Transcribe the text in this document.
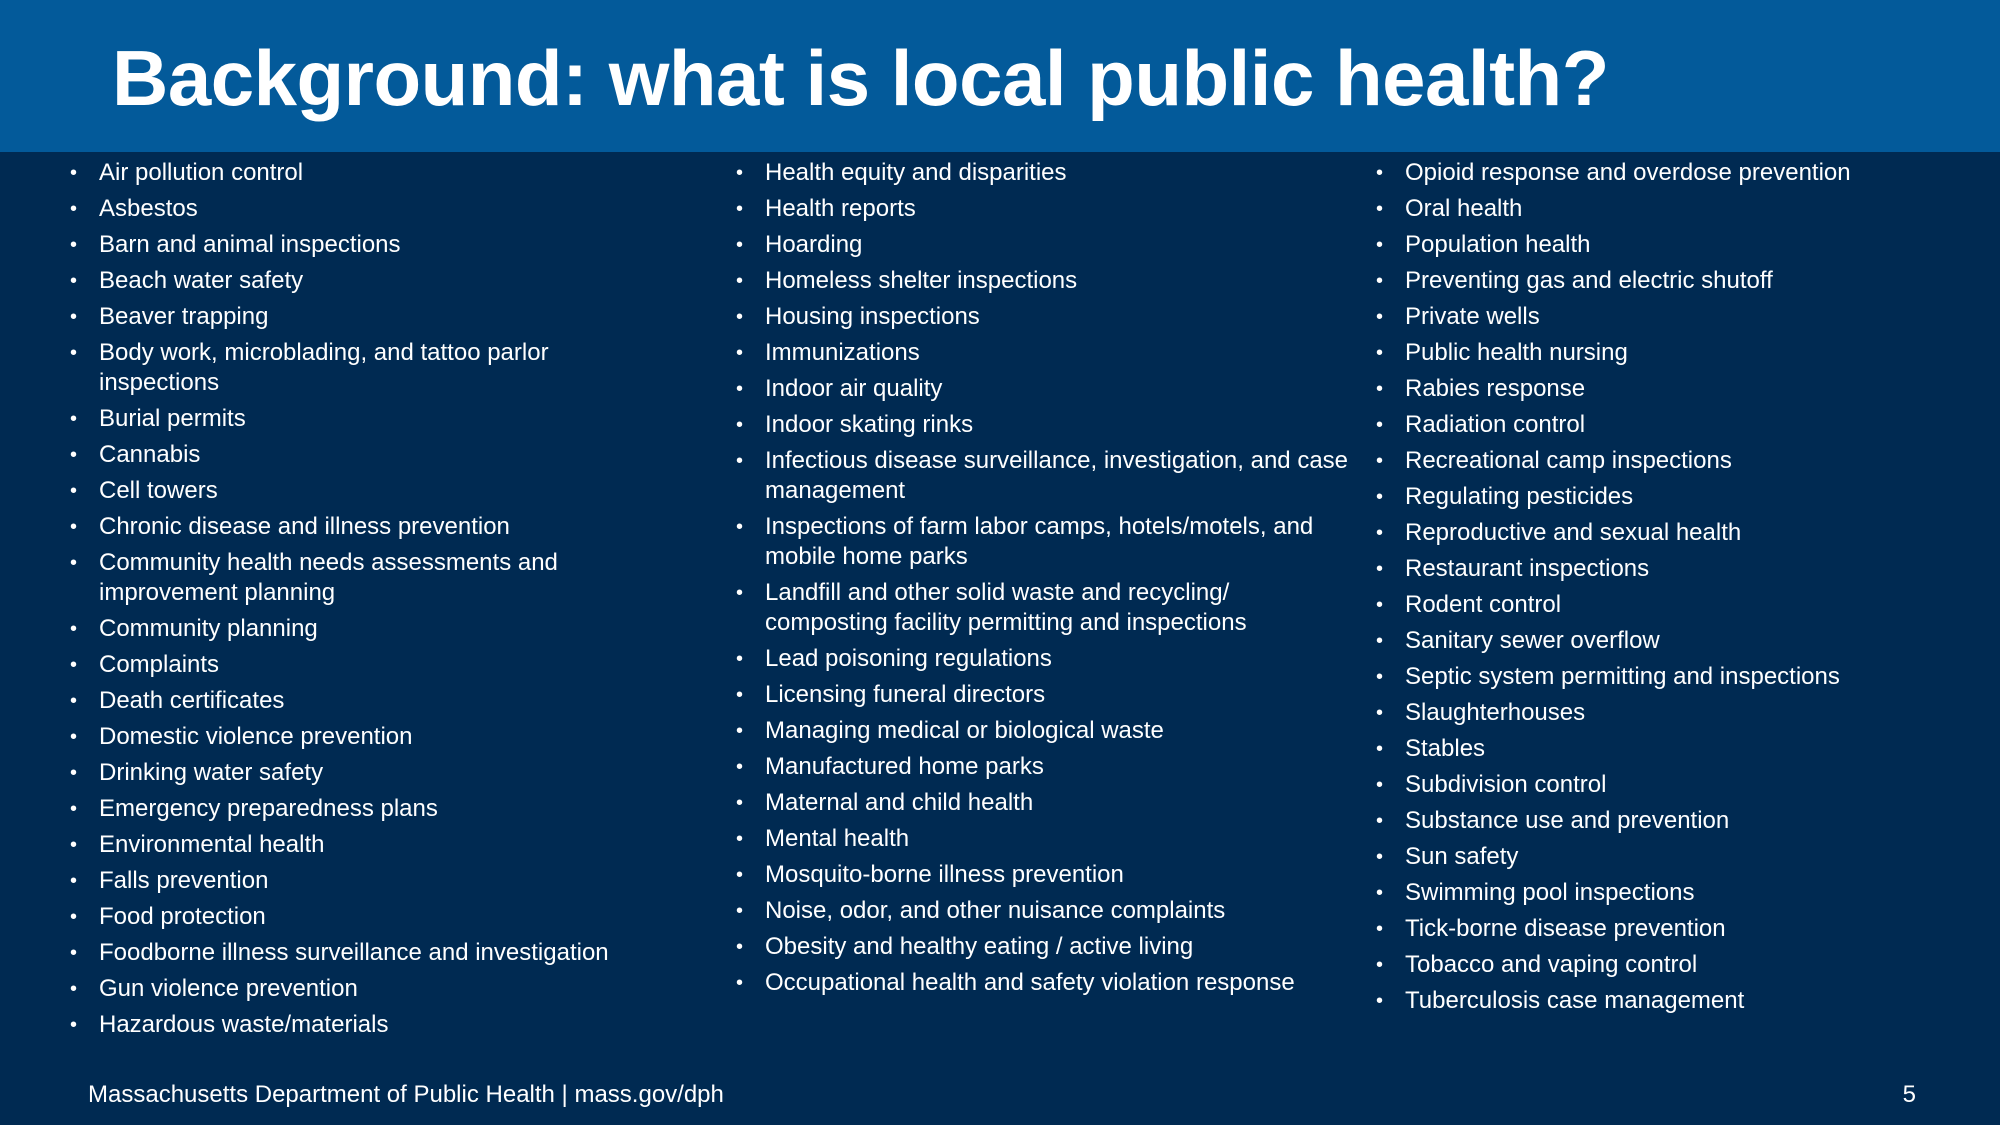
Background: what is local public health?
• Air pollution control
• Asbestos
• Barn and animal inspections
• Beach water safety
• Beaver trapping
• Body work, microblading, and tattoo parlor inspections
• Burial permits
• Cannabis
• Cell towers
• Chronic disease and illness prevention
• Community health needs assessments and improvement planning
• Community planning
• Complaints
• Death certificates
• Domestic violence prevention
• Drinking water safety
• Emergency preparedness plans
• Environmental health
• Falls prevention
• Food protection
• Foodborne illness surveillance and investigation
• Gun violence prevention
• Hazardous waste/materials
• Health equity and disparities
• Health reports
• Hoarding
• Homeless shelter inspections
• Housing inspections
• Immunizations
• Indoor air quality
• Indoor skating rinks
• Infectious disease surveillance, investigation, and case management
• Inspections of farm labor camps, hotels/motels, and mobile home parks
• Landfill and other solid waste and recycling/ composting facility permitting and inspections
• Lead poisoning regulations
• Licensing funeral directors
• Managing medical or biological waste
• Manufactured home parks
• Maternal and child health
• Mental health
• Mosquito-borne illness prevention
• Noise, odor, and other nuisance complaints
• Obesity and healthy eating / active living
• Occupational health and safety violation response
• Opioid response and overdose prevention
• Oral health
• Population health
• Preventing gas and electric shutoff
• Private wells
• Public health nursing
• Rabies response
• Radiation control
• Recreational camp inspections
• Regulating pesticides
• Reproductive and sexual health
• Restaurant inspections
• Rodent control
• Sanitary sewer overflow
• Septic system permitting and inspections
• Slaughterhouses
• Stables
• Subdivision control
• Substance use and prevention
• Sun safety
• Swimming pool inspections
• Tick-borne disease prevention
• Tobacco and vaping control
• Tuberculosis case management
Massachusetts Department of Public Health | mass.gov/dph	5
